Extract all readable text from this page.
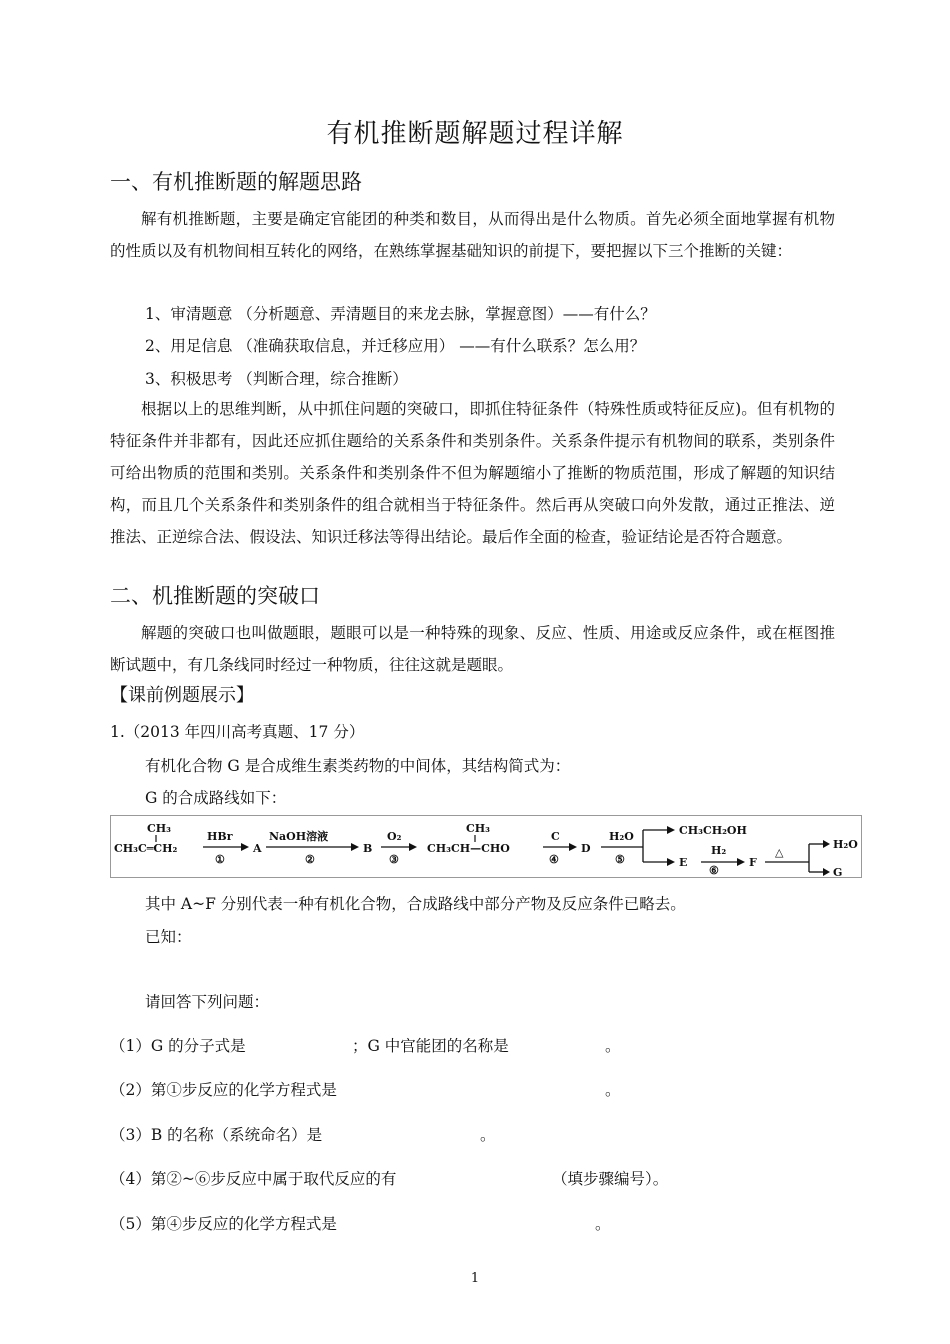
有机推断题解题过程详解
一、有机推断题的解题思路
解有机推断题，主要是确定官能团的种类和数目，从而得出是什么物质。首先必须全面地掌握有机物的性质以及有机物间相互转化的网络，在熟练掌握基础知识的前提下，要把握以下三个推断的关键：
1、审清题意 （分析题意、弄清题目的来龙去脉，掌握意图）——有什么？
2、用足信息 （准确获取信息，并迁移应用） ——有什么联系？怎么用？
3、积极思考 （判断合理，综合推断）
根据以上的思维判断，从中抓住问题的突破口，即抓住特征条件（特殊性质或特征反应)。但有机物的特征条件并非都有，因此还应抓住题给的关系条件和类别条件。关系条件提示有机物间的联系，类别条件可给出物质的范围和类别。关系条件和类别条件不但为解题缩小了推断的物质范围，形成了解题的知识结构，而且几个关系条件和类别条件的组合就相当于特征条件。然后再从突破口向外发散，通过正推法、逆推法、正逆综合法、假设法、知识迁移法等得出结论。最后作全面的检查，验证结论是否符合题意。
二、机推断题的突破口
解题的突破口也叫做题眼，题眼可以是一种特殊的现象、反应、性质、用途或反应条件，或在框图推断试题中，有几条线同时经过一种物质，往往这就是题眼。
【课前例题展示】
1.（2013 年四川高考真题、17 分）
有机化合物 G 是合成维生素类药物的中间体，其结构简式为：
G 的合成路线如下：
CH₃
CH₃C═CH₂
HBr
①
A
NaOH溶液
②
B
O₂
③
CH₃
CH₃CH—CHO
C
④
D
H₂O
⑤
CH₃CH₂OH
E
H₂
⑥
F
△
H₂O
G
其中 A~F 分别代表一种有机化合物，合成路线中部分产物及反应条件已略去。
已知：
请回答下列问题：
（1）G 的分子式是	；G 中官能团的名称是	。
（2）第①步反应的化学方程式是	。
（3）B 的名称（系统命名）是	。
（4）第②~⑥步反应中属于取代反应的有	（填步骤编号）。
（5）第④步反应的化学方程式是	。
1
